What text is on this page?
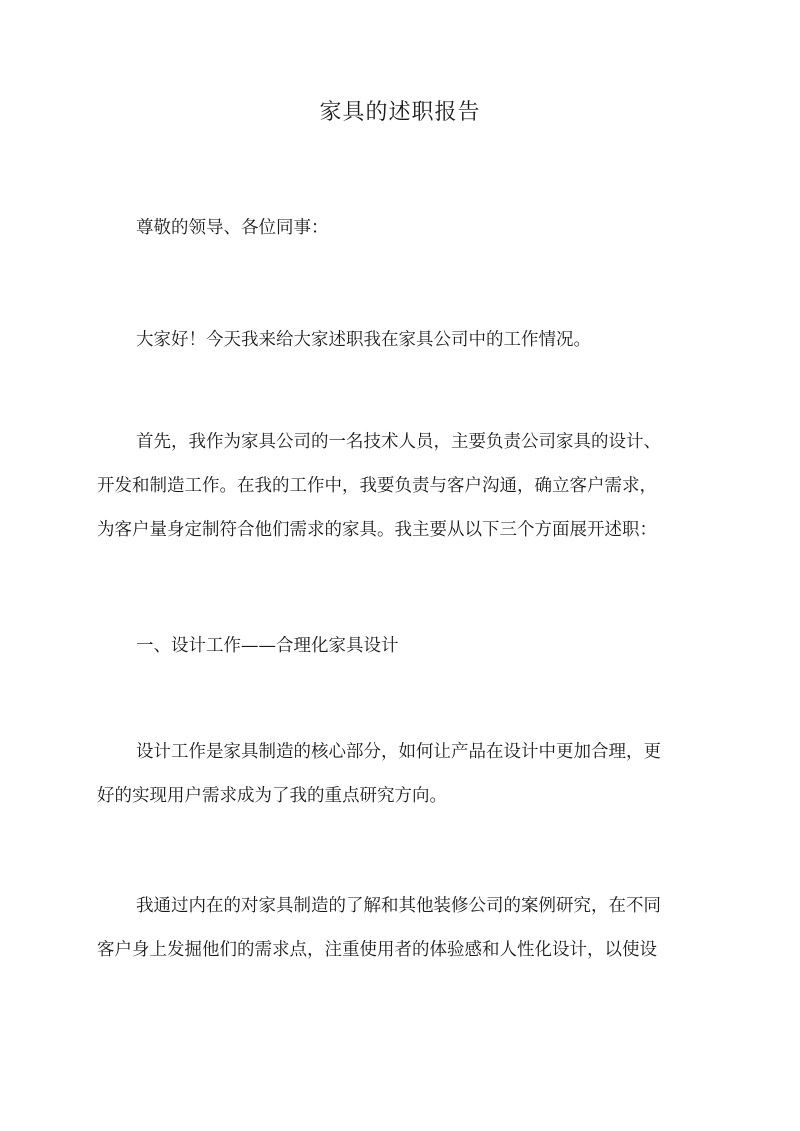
家具的述职报告

尊敬的领导、各位同事：

大家好！今天我来给大家述职我在家具公司中的工作情况。

首先，我作为家具公司的一名技术人员，主要负责公司家具的设计、
开发和制造工作。在我的工作中，我要负责与客户沟通，确立客户需求，
为客户量身定制符合他们需求的家具。我主要从以下三个方面展开述职：

一、设计工作——合理化家具设计

设计工作是家具制造的核心部分，如何让产品在设计中更加合理，更
好的实现用户需求成为了我的重点研究方向。

我通过内在的对家具制造的了解和其他装修公司的案例研究，在不同
客户身上发掘他们的需求点，注重使用者的体验感和人性化设计，以使设
